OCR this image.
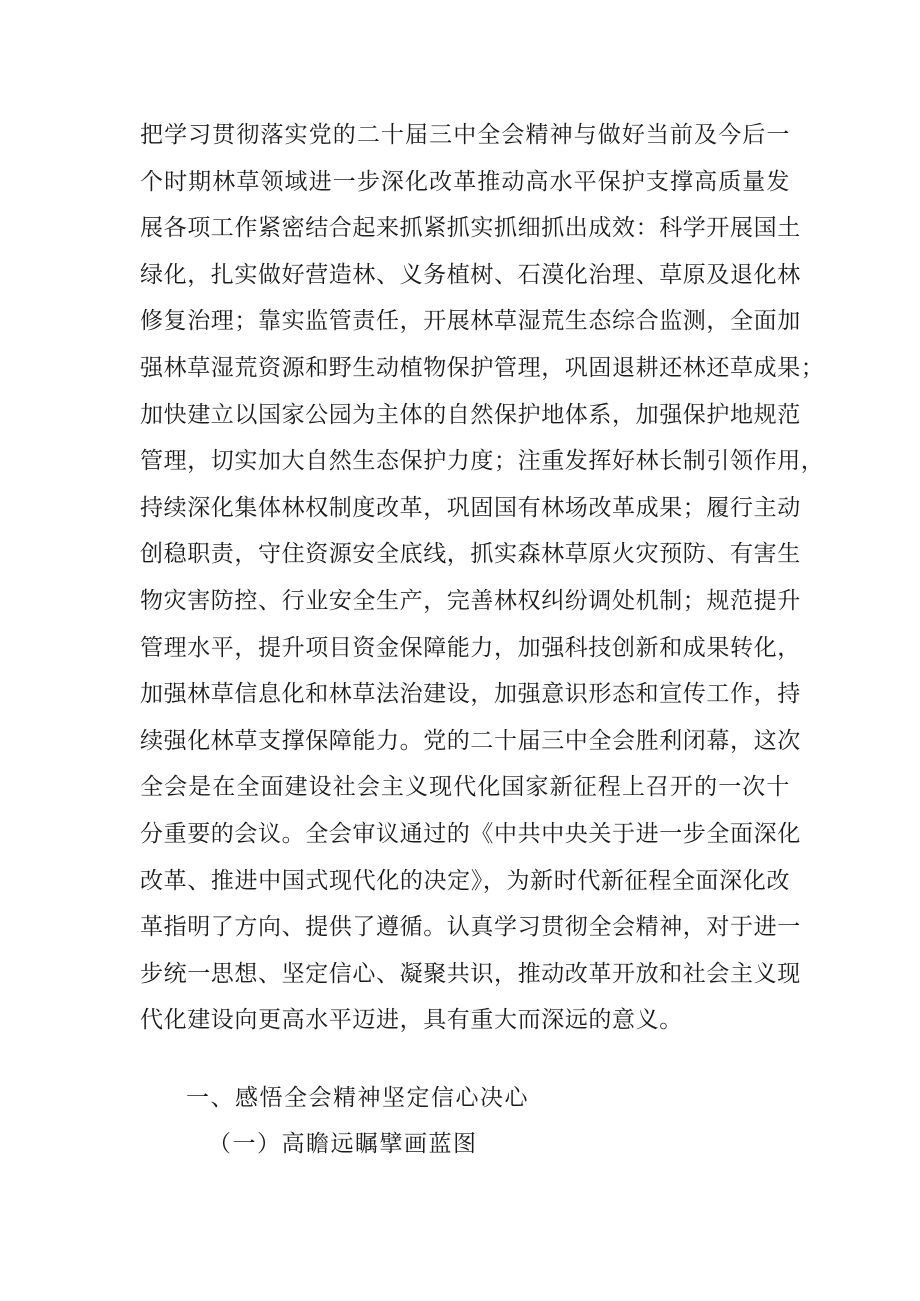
把学习贯彻落实党的二十届三中全会精神与做好当前及今后一
个时期林草领域进一步深化改革推动高水平保护支撑高质量发
展各项工作紧密结合起来抓紧抓实抓细抓出成效：科学开展国土
绿化，扎实做好营造林、义务植树、石漠化治理、草原及退化林
修复治理；靠实监管责任，开展林草湿荒生态综合监测，全面加
强林草湿荒资源和野生动植物保护管理，巩固退耕还林还草成果；
加快建立以国家公园为主体的自然保护地体系，加强保护地规范
管理，切实加大自然生态保护力度；注重发挥好林长制引领作用，
持续深化集体林权制度改革，巩固国有林场改革成果；履行主动
创稳职责，守住资源安全底线，抓实森林草原火灾预防、有害生
物灾害防控、行业安全生产，完善林权纠纷调处机制；规范提升
管理水平，提升项目资金保障能力，加强科技创新和成果转化，
加强林草信息化和林草法治建设，加强意识形态和宣传工作，持
续强化林草支撑保障能力。党的二十届三中全会胜利闭幕，这次
全会是在全面建设社会主义现代化国家新征程上召开的一次十
分重要的会议。全会审议通过的《中共中央关于进一步全面深化
改革、推进中国式现代化的决定》，为新时代新征程全面深化改
革指明了方向、提供了遵循。认真学习贯彻全会精神，对于进一
步统一思想、坚定信心、凝聚共识，推动改革开放和社会主义现
代化建设向更高水平迈进，具有重大而深远的意义。
一、感悟全会精神坚定信心决心
（一）高瞻远瞩擘画蓝图
